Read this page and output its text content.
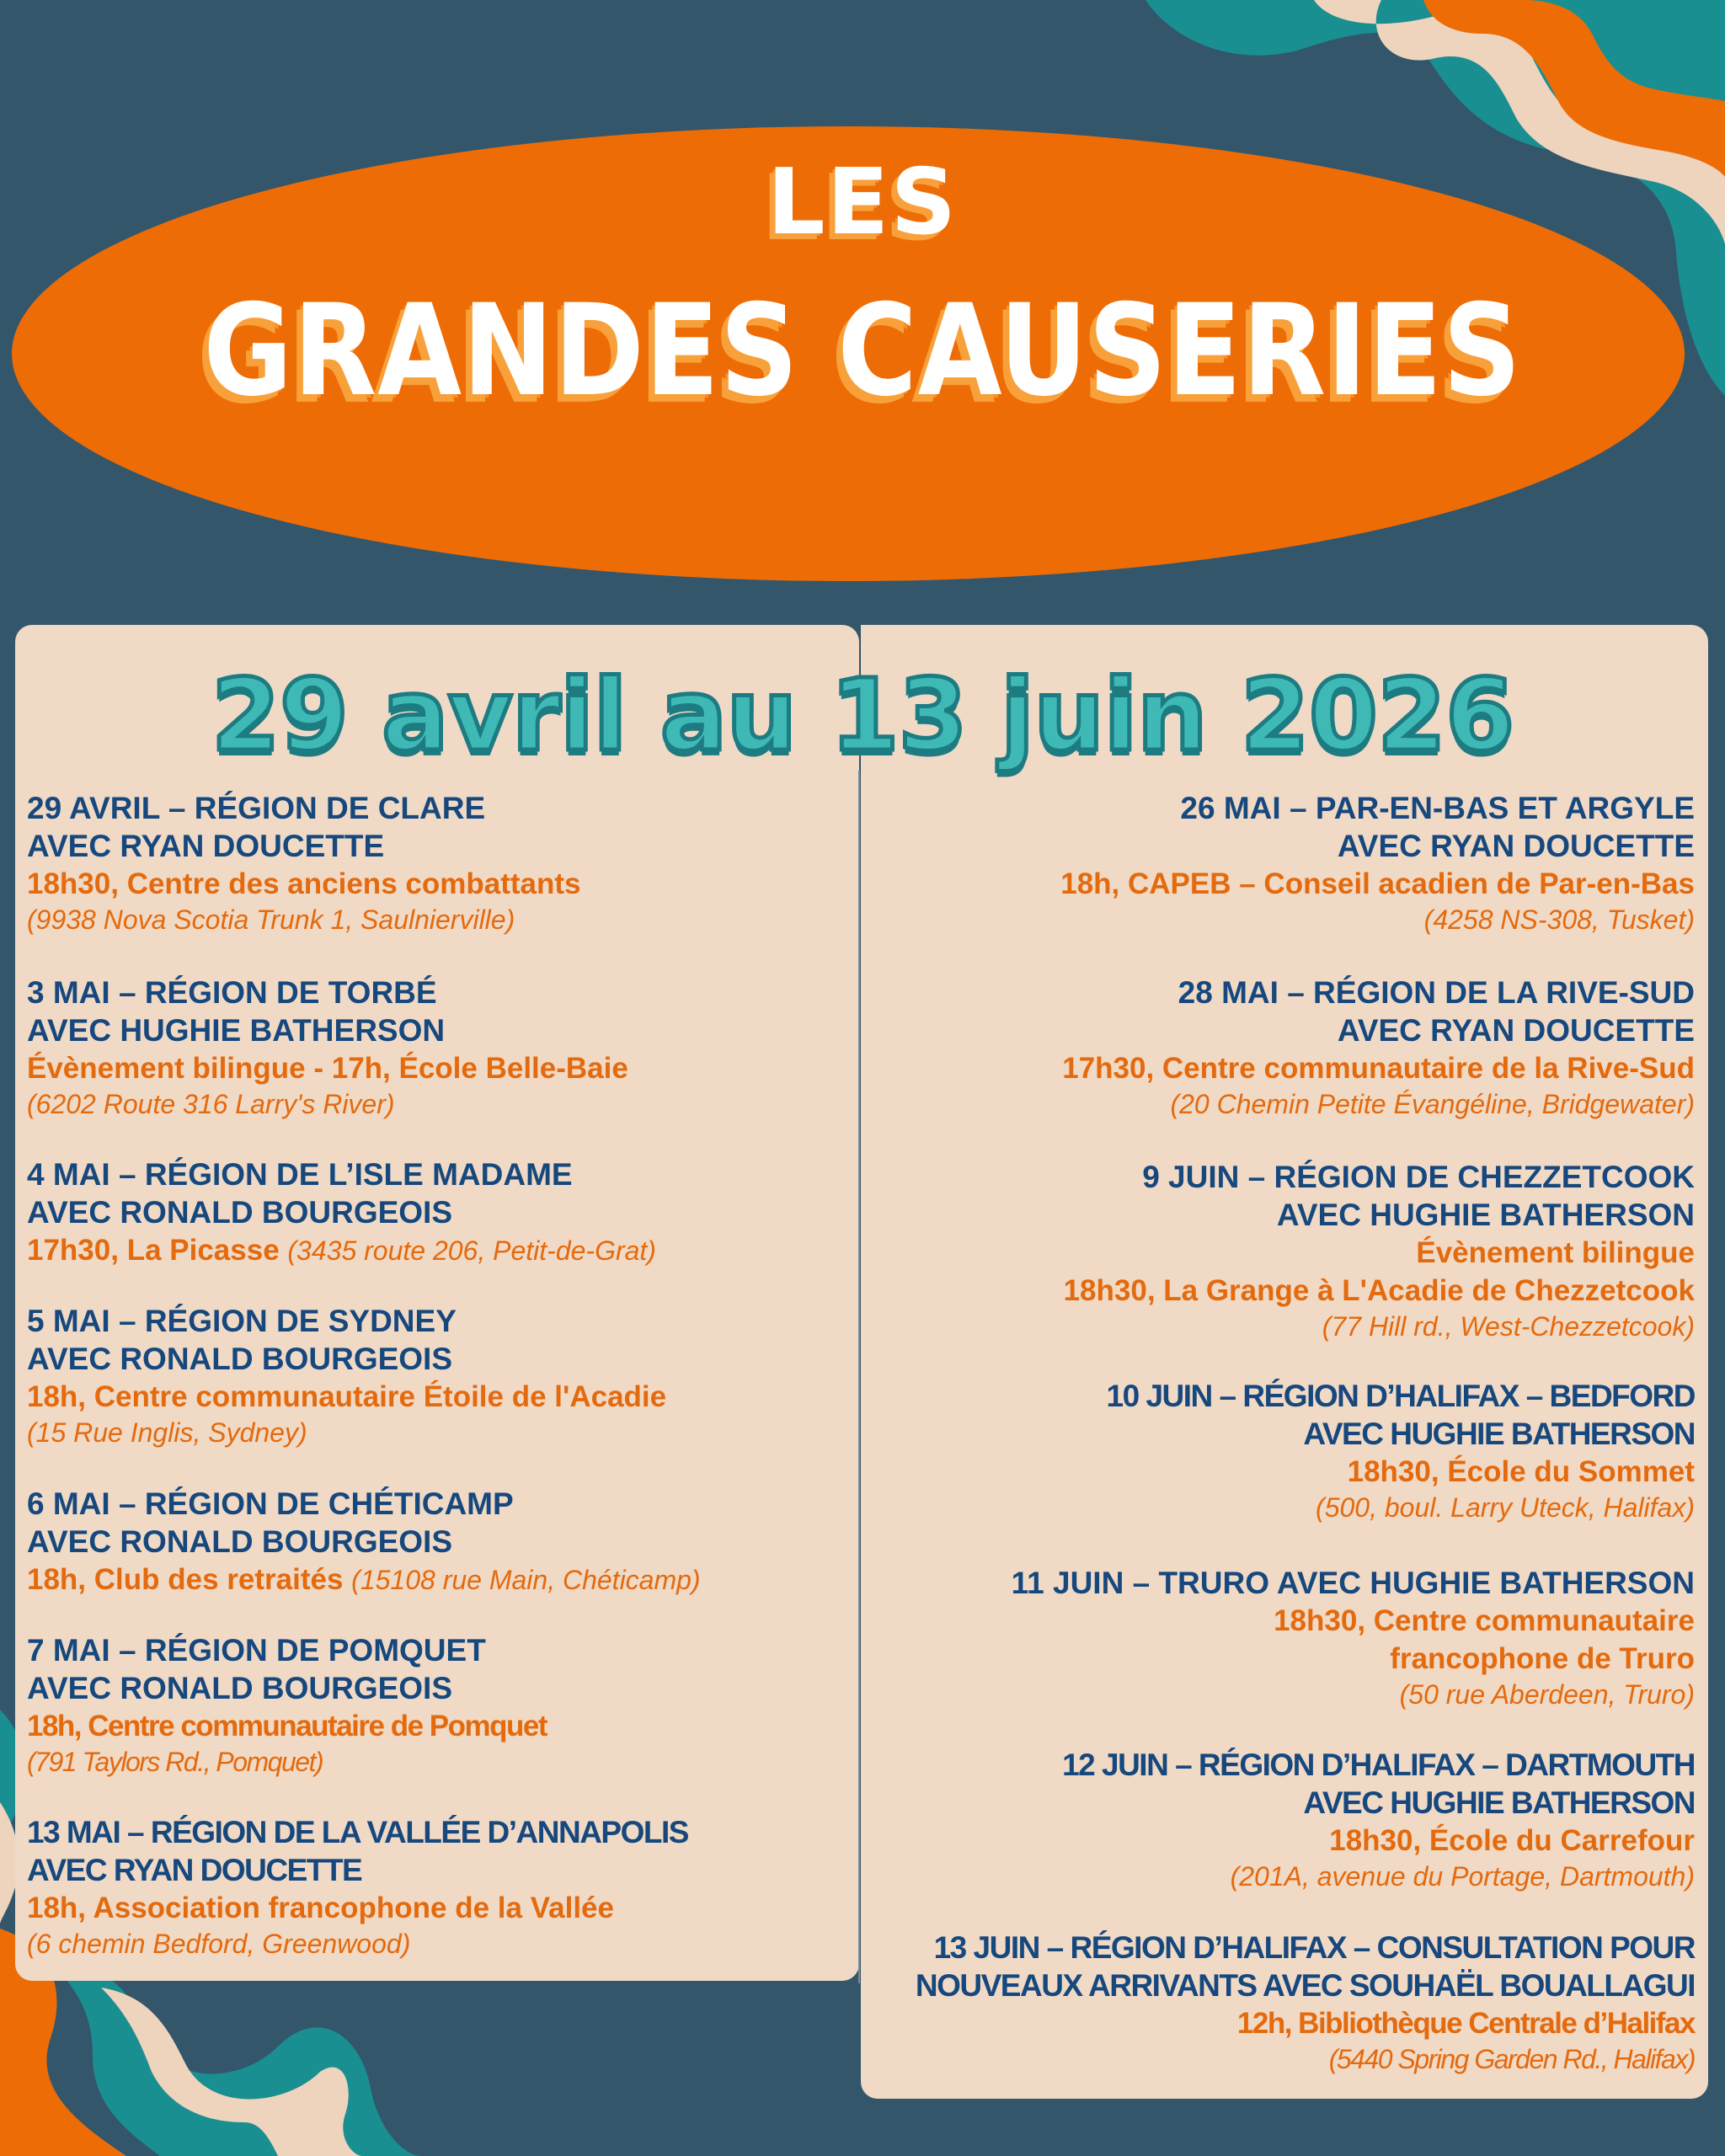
LES
GRANDES CAUSERIES
29 avril au 13 juin 2026
29 AVRIL – RÉGION DE CLARE
AVEC RYAN DOUCETTE
18h30, Centre des anciens combattants
(9938 Nova Scotia Trunk 1, Saulnierville)
3 MAI – RÉGION DE TORBÉ
AVEC HUGHIE BATHERSON
Évènement bilingue - 17h, École Belle-Baie
(6202 Route 316 Larry's River)
4 MAI – RÉGION DE L’ISLE MADAME
AVEC RONALD BOURGEOIS
17h30, La Picasse (3435 route 206, Petit-de-Grat)
5 MAI – RÉGION DE SYDNEY
AVEC RONALD BOURGEOIS
18h, Centre communautaire Étoile de l'Acadie
(15 Rue Inglis, Sydney)
6 MAI – RÉGION DE CHÉTICAMP
AVEC RONALD BOURGEOIS
18h, Club des retraités (15108 rue Main, Chéticamp)
7 MAI – RÉGION DE POMQUET
AVEC RONALD BOURGEOIS
18h, Centre communautaire de Pomquet
(791 Taylors Rd., Pomquet)
13 MAI – RÉGION DE LA VALLÉE D’ANNAPOLIS
AVEC RYAN DOUCETTE
18h, Association francophone de la Vallée
(6 chemin Bedford, Greenwood)
26 MAI – PAR-EN-BAS ET ARGYLE
AVEC RYAN DOUCETTE
18h, CAPEB – Conseil acadien de Par-en-Bas
(4258 NS-308, Tusket)
28 MAI – RÉGION DE LA RIVE-SUD
AVEC RYAN DOUCETTE
17h30, Centre communautaire de la Rive-Sud
(20 Chemin Petite Évangéline, Bridgewater)
9 JUIN – RÉGION DE CHEZZETCOOK
AVEC HUGHIE BATHERSON
Évènement bilingue
18h30, La Grange à L'Acadie de Chezzetcook
(77 Hill rd., West-Chezzetcook)
10 JUIN – RÉGION D’HALIFAX – BEDFORD
AVEC HUGHIE BATHERSON
18h30, École du Sommet
(500, boul. Larry Uteck, Halifax)
11 JUIN – TRURO AVEC HUGHIE BATHERSON
18h30, Centre communautaire
francophone de Truro
(50 rue Aberdeen, Truro)
12 JUIN – RÉGION D’HALIFAX – DARTMOUTH
AVEC HUGHIE BATHERSON
18h30, École du Carrefour
(201A, avenue du Portage, Dartmouth)
13 JUIN – RÉGION D’HALIFAX – CONSULTATION POUR
NOUVEAUX ARRIVANTS AVEC SOUHAËL BOUALLAGUI
12h, Bibliothèque Centrale d’Halifax
(5440 Spring Garden Rd., Halifax)
